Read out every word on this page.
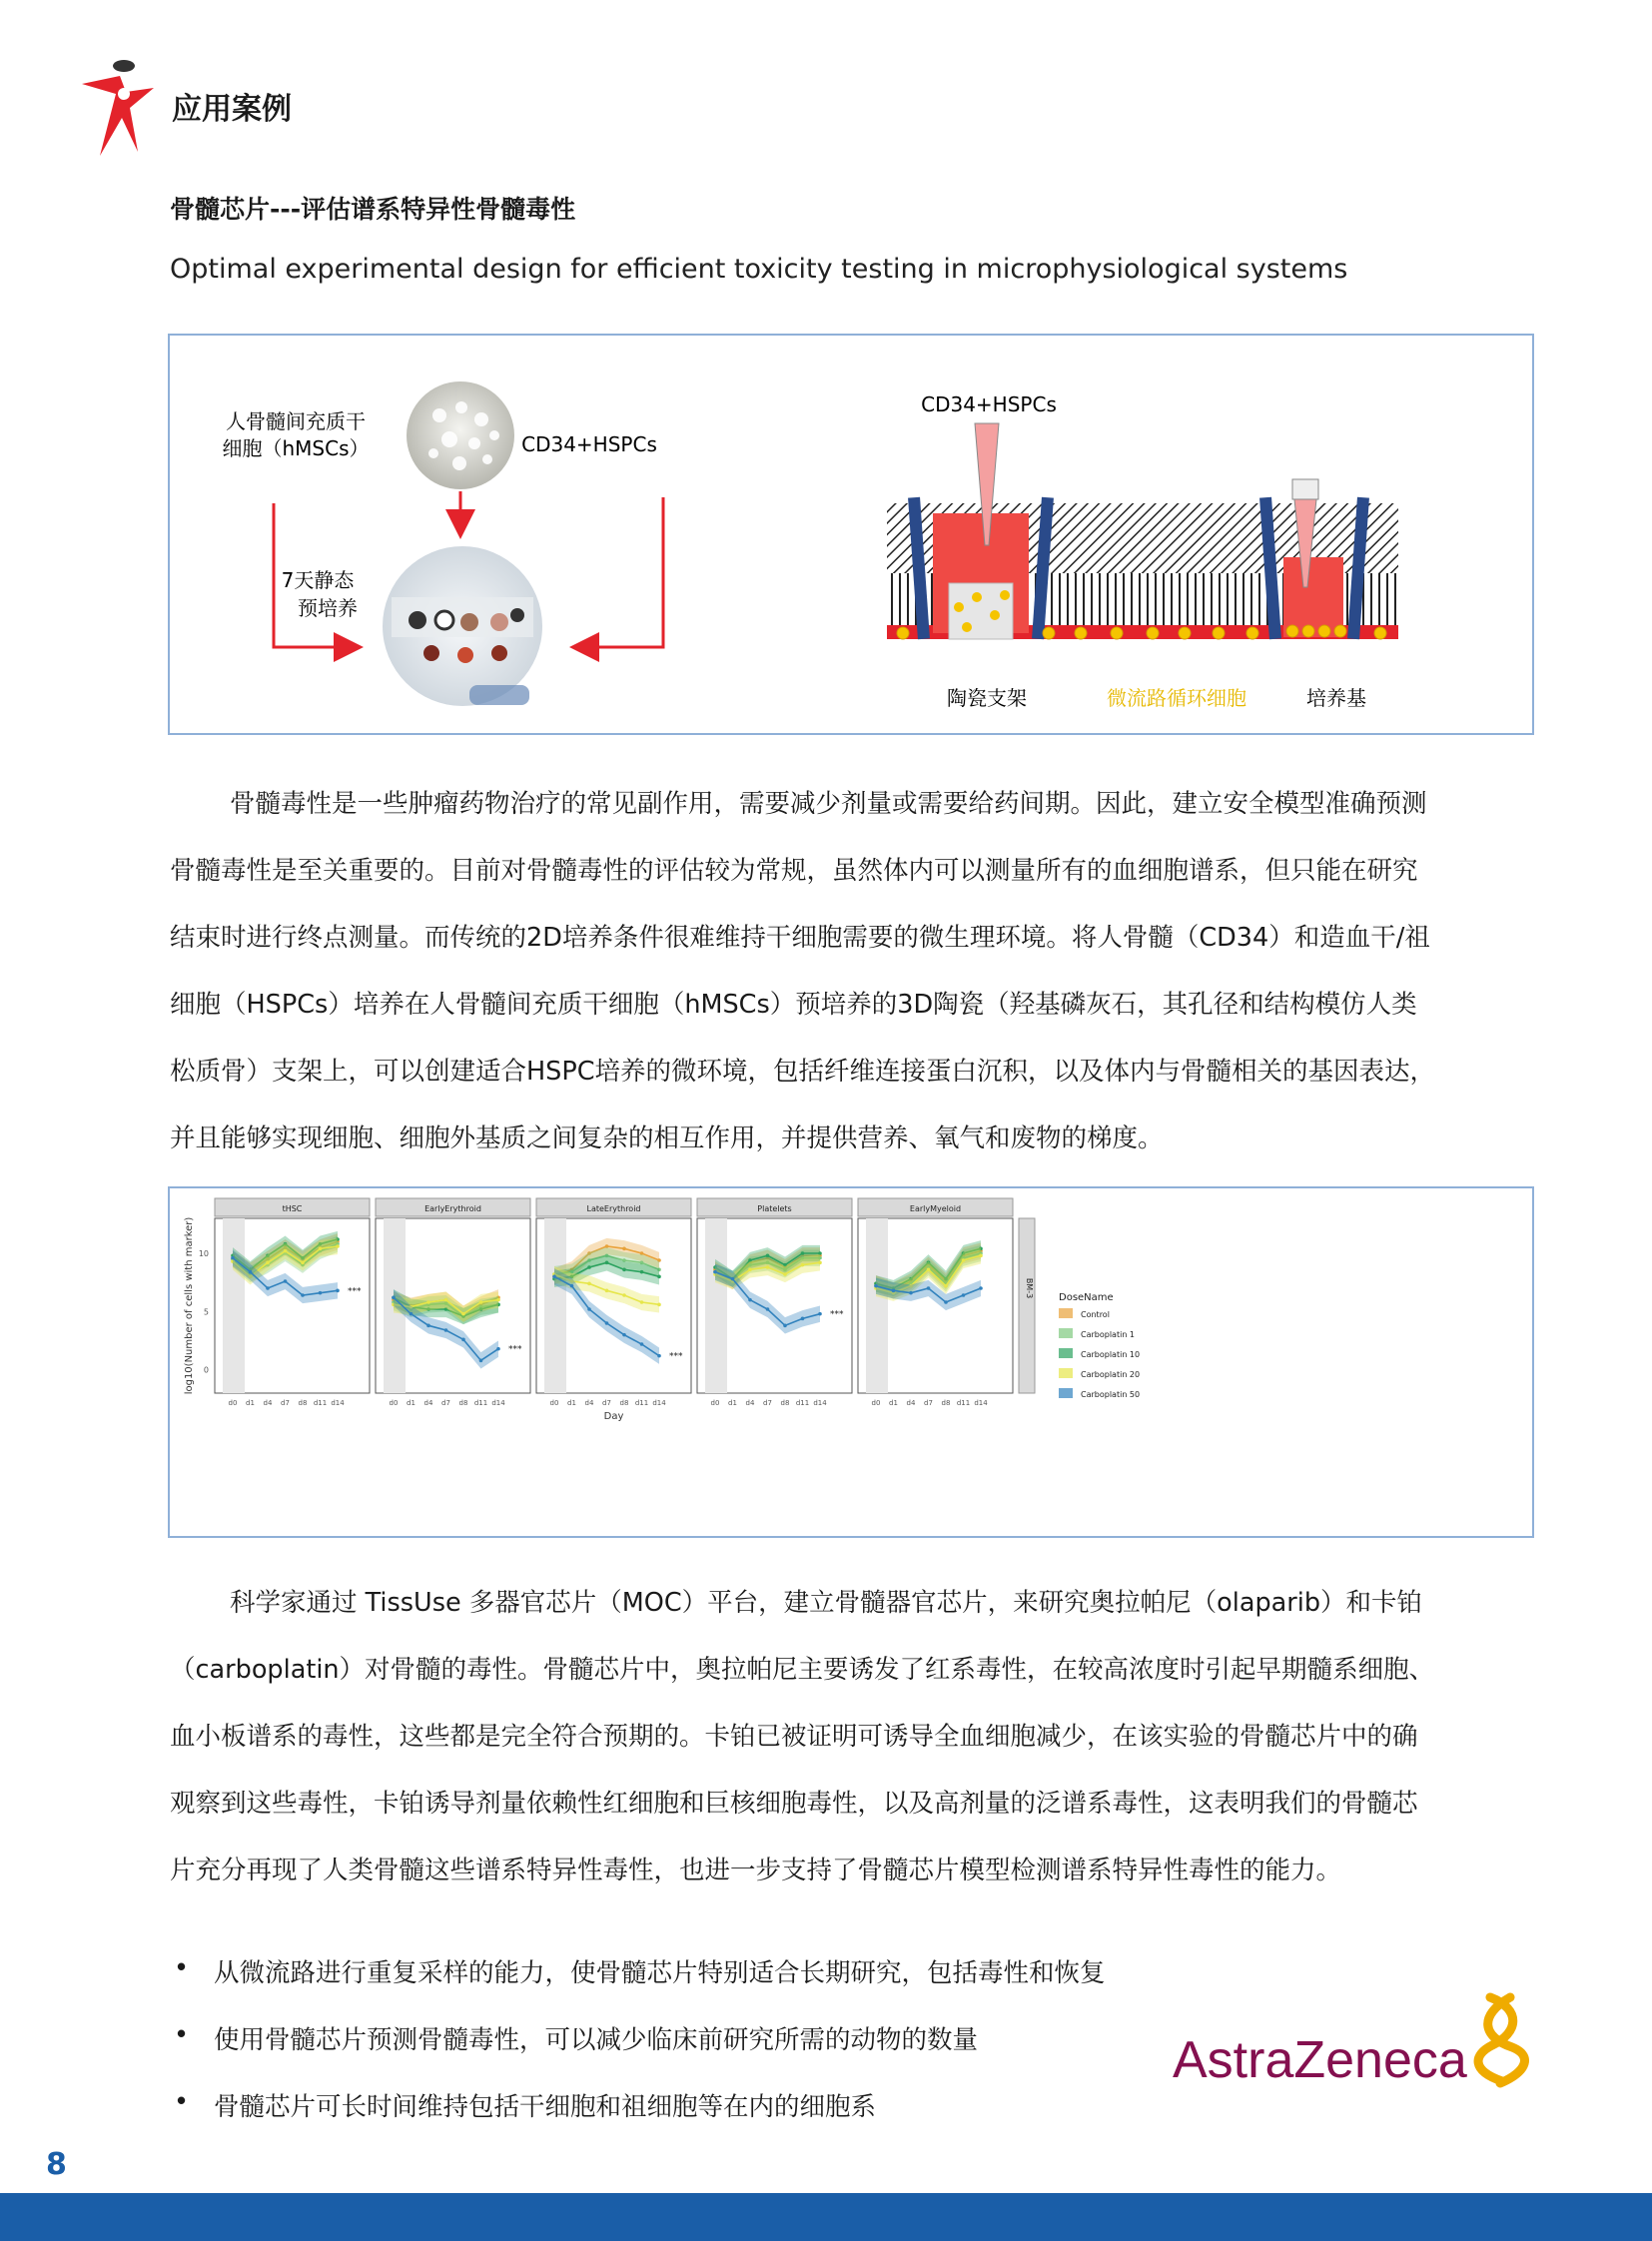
应用案例
骨髓芯片---评估谱系特异性骨髓毒性
Optimal experimental design for efficient toxicity testing in microphysiological systems
人骨髓间充质干
细胞（hMSCs）	CD34+HSPCs
7天静态
预培养
CD34+HSPCs
陶瓷支架	微流路循环细胞	培养基

骨髓毒性是一些肿瘤药物治疗的常见副作用，需要减少剂量或需要给药间期。因此，建立安全模型准确预测

骨髓毒性是至关重要的。目前对骨髓毒性的评估较为常规，虽然体内可以测量所有的血细胞谱系，但只能在研究

结束时进行终点测量。而传统的2D培养条件很难维持干细胞需要的微生理环境。将人骨髓（CD34）和造血干/祖

细胞（HSPCs）培养在人骨髓间充质干细胞（hMSCs）预培养的3D陶瓷（羟基磷灰石，其孔径和结构模仿人类

松质骨）支架上，可以创建适合HSPC培养的微环境，包括纤维连接蛋白沉积，以及体内与骨髓相关的基因表达，

并且能够实现细胞、细胞外基质之间复杂的相互作用，并提供营养、氧气和废物的梯度。

log10(Number of cells with marker) 0
5
10
tHSC
d0 d1 d4 d7 d8 d11 d14
***
EarlyErythroid
d0 d1 d4 d7 d8 d11 d14
***
LateErythroid
d0 d1 d4 d7 d8 d11 d14
***
Platelets
d0 d1 d4 d7 d8 d11 d14
***
EarlyMyeloid
d0 d1 d4 d7 d8 d11 d14
Day
BM-3	DoseName
Control
Carboplatin 1
Carboplatin 10
Carboplatin 20
Carboplatin 50

科学家通过 TissUse 多器官芯片（MOC）平台，建立骨髓器官芯片，来研究奥拉帕尼（olaparib）和卡铂

（carboplatin）对骨髓的毒性。骨髓芯片中，奥拉帕尼主要诱发了红系毒性，在较高浓度时引起早期髓系细胞、

血小板谱系的毒性，这些都是完全符合预期的。卡铂已被证明可诱导全血细胞减少，在该实验的骨髓芯片中的确

观察到这些毒性，卡铂诱导剂量依赖性红细胞和巨核细胞毒性，以及高剂量的泛谱系毒性，这表明我们的骨髓芯

片充分再现了人类骨髓这些谱系特异性毒性，也进一步支持了骨髓芯片模型检测谱系特异性毒性的能力。

• 从微流路进行重复采样的能力，使骨髓芯片特别适合长期研究，包括毒性和恢复
• 使用骨髓芯片预测骨髓毒性，可以减少临床前研究所需的动物的数量
• 骨髓芯片可长时间维持包括干细胞和祖细胞等在内的细胞系
AstraZeneca
8
